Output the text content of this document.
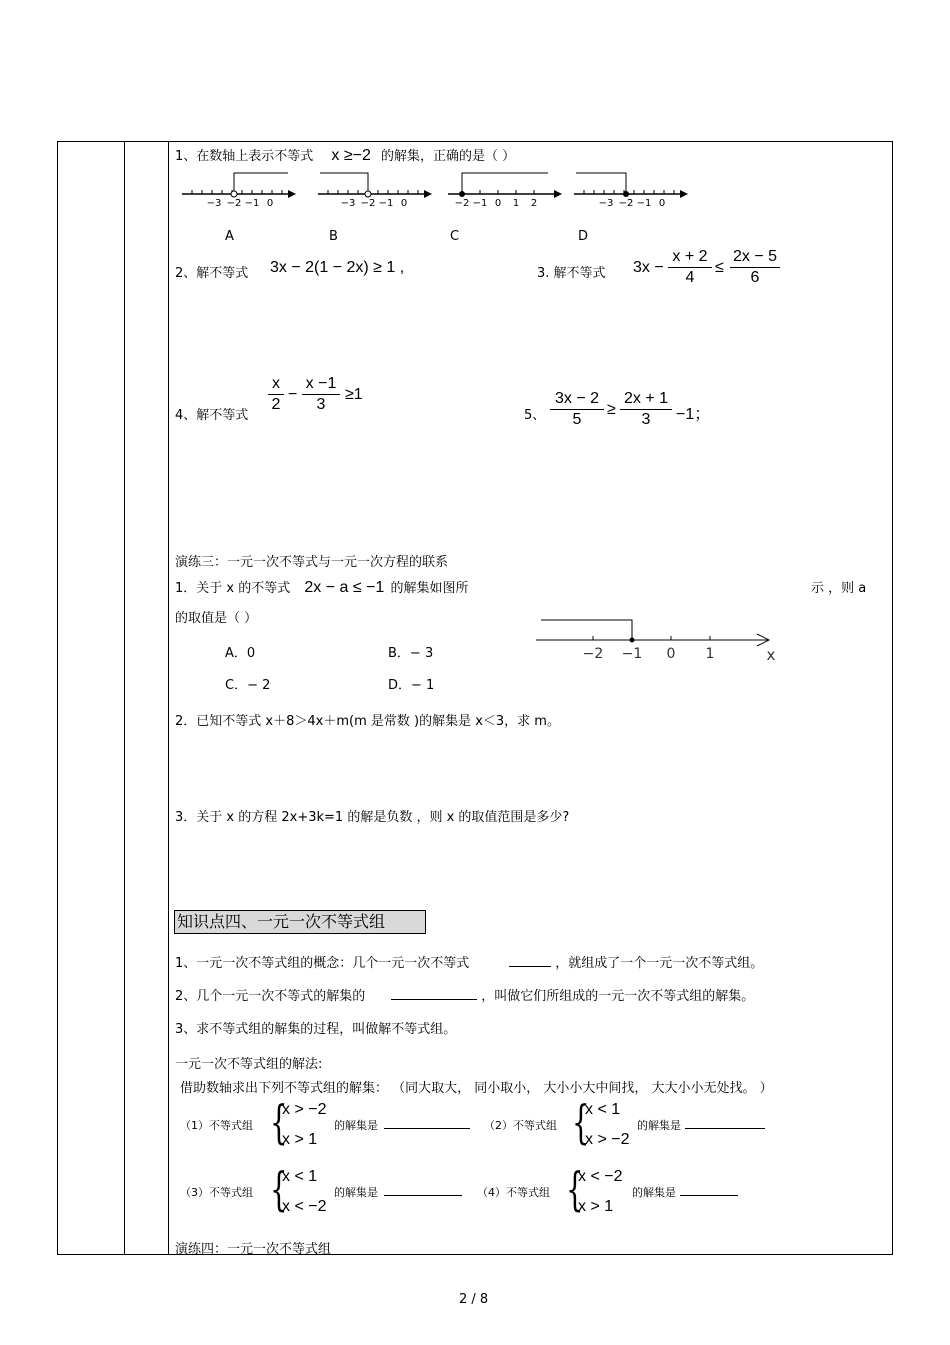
1、在数轴上表示不等式 x ≥−2 的解集，正确的是（ ）
−3 −2 −1 0	−3 −2 −1 0	−2 −1 0 1 2	−3 −2 −1 0
A	B	C	D
2、解不等式 3x − 2(1 − 2x) ≥ 1 ,	3. 解不等式 3x −
x + 2
4
≤
2x − 5
6
4、解不等式
x
2
−
x −1
3
≥1
5、
3x − 2
5
≥
2x + 1
3	−1；
演练三：一元一次不等式与一元一次方程的联系
1．关于 x 的不等式 2x − a ≤ −1 的解集如图所	示 ，则 a
的取值是（ ）
A．0	B．− 3
C．− 2	D．− 1
−2 −1 0 1	x
2．已知不等式 x＋8＞4x＋m(m 是常数 )的解集是 x＜3，求 m。
3．关于 x 的方程 2x+3k=1 的解是负数 ，则 x 的取值范围是多少?
知识点四、一元一次不等式组
1、一元一次不等式组的概念：几个一元一次不等式	，就组成了一个一元一次不等式组。
2、几个一元一次不等式的解集的	，叫做它们所组成的一元一次不等式组的解集。
3、求不等式组的解集的过程，叫做解不等式组。
一元一次不等式组的解法:
借助数轴求出下列不等式组的解集： （同大取大， 同小取小， 大小小大中间找， 大大小小无处找。 ）
（1）不等式组 {
x > −2
x > 1
的解集是	（2）不等式组 {
x < 1
x > −2
的解集是
（3）不等式组 {
x < 1
x < −2
的解集是	（4）不等式组 {
x < −2
x > 1
的解集是
演练四：一元一次不等式组
2 / 8
